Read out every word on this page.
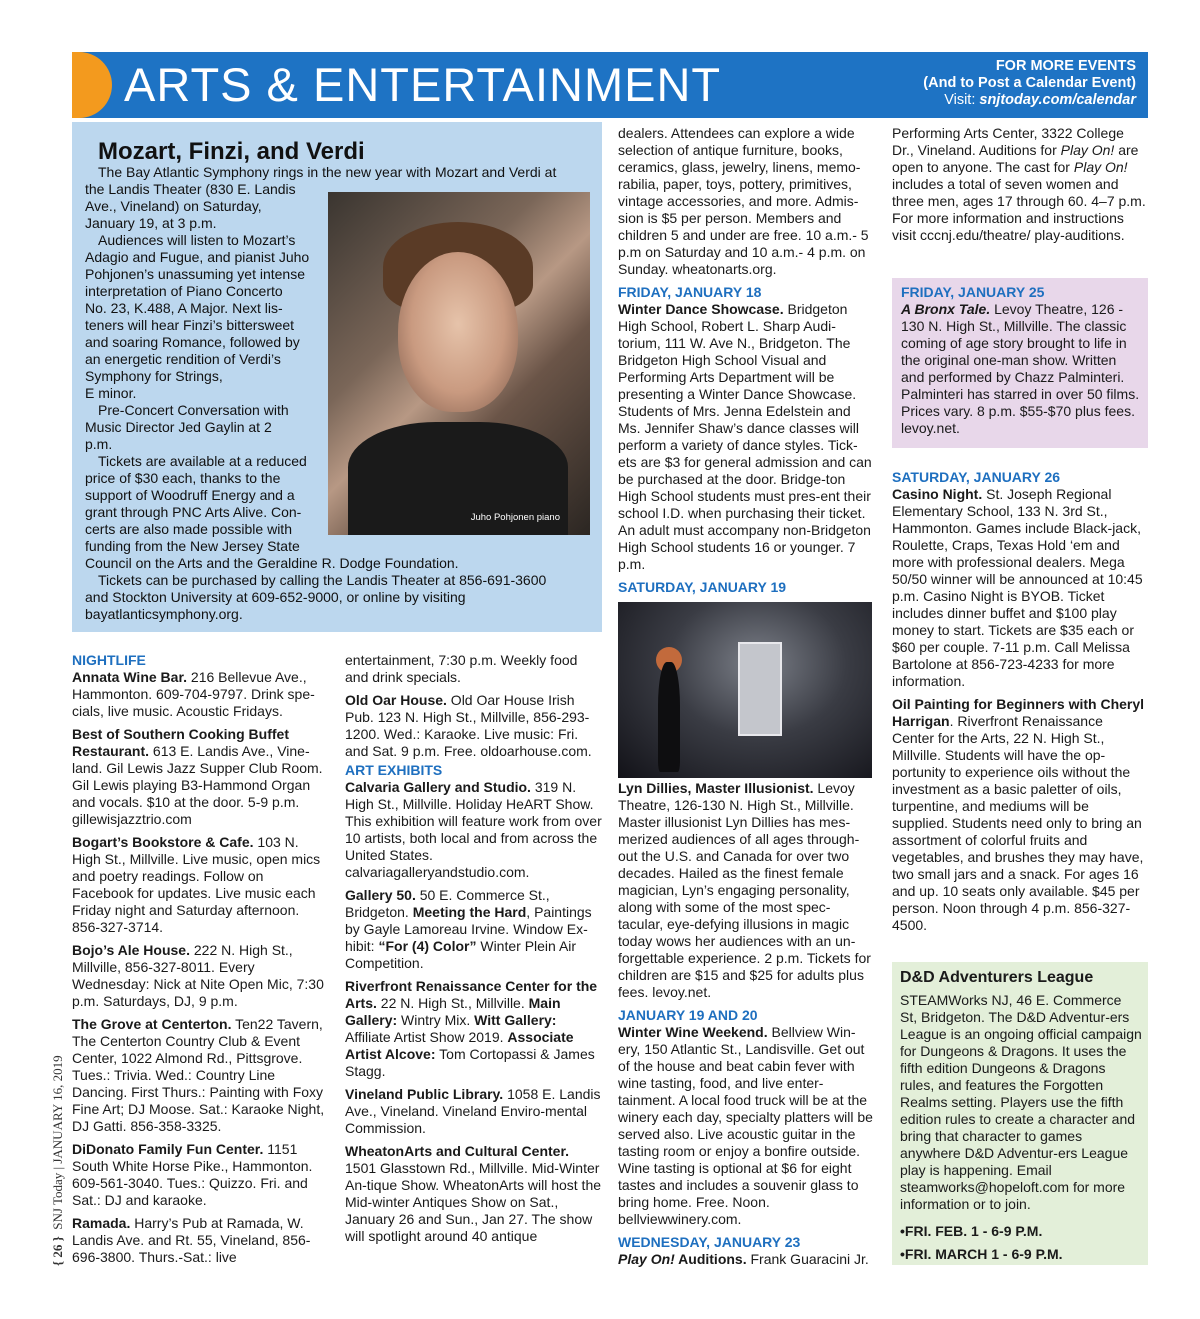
ARTS & ENTERTAINMENT	FOR MORE EVENTS
(And to Post a Calendar Event)
Visit: snjtoday.com/calendar
Mozart, Finzi, and Verdi
The Bay Atlantic Symphony rings in the new year with Mozart and Verdi at
the Landis Theater (830 E. Landis
Ave., Vineland) on Saturday,
January 19, at 3 p.m.
Audiences will listen to Mozart’s
Adagio and Fugue, and pianist Juho
Pohjonen’s unassuming yet intense
interpretation of Piano Concerto
No. 23, K.488, A Major. Next lis-
teners will hear Finzi’s bittersweet
and soaring Romance, followed by
an energetic rendition of Verdi’s
Symphony for Strings,
E minor.
Pre-Concert Conversation with
Music Director Jed Gaylin at 2
p.m.
Tickets are available at a reduced
price of $30 each, thanks to the
support of Woodruff Energy and a
grant through PNC Arts Alive. Con-
certs are also made possible with
funding from the New Jersey State
Council on the Arts and the Geraldine R. Dodge Foundation.
Tickets can be purchased by calling the Landis Theater at 856-691-3600
and Stockton University at 609-652-9000, or online by visiting
bayatlanticsymphony.org.
Juho Pohjonen piano
NIGHTLIFE

Annata Wine Bar. 216 Bellevue Ave., Hammonton. 609-704-9797. Drink spe-cials, live music. Acoustic Fridays.

Best of Southern Cooking Buffet Restaurant. 613 E. Landis Ave., Vine-land. Gil Lewis Jazz Supper Club Room. Gil Lewis playing B3-Hammond Organ and vocals. $10 at the door. 5-9 p.m. gillewisjazztrio.com

Bogart’s Bookstore & Cafe. 103 N. High St., Millville. Live music, open mics and poetry readings. Follow on Facebook for updates. Live music each Friday night and Saturday afternoon. 856-327-3714.

Bojo’s Ale House. 222 N. High St., Millville, 856-327-8011. Every Wednesday: Nick at Nite Open Mic, 7:30 p.m. Saturdays, DJ, 9 p.m.

The Grove at Centerton. Ten22 Tavern, The Centerton Country Club & Event Center, 1022 Almond Rd., Pittsgrove. Tues.: Trivia. Wed.: Country Line Dancing. First Thurs.: Painting with Foxy Fine Art; DJ Moose. Sat.: Karaoke Night, DJ Gatti. 856-358-3325.

DiDonato Family Fun Center. 1151 South White Horse Pike., Hammonton. 609-561-3040. Tues.: Quizzo. Fri. and Sat.: DJ and karaoke.

Ramada. Harry’s Pub at Ramada, W. Landis Ave. and Rt. 55, Vineland, 856-696-3800. Thurs.-Sat.: live

entertainment, 7:30 p.m. Weekly food and drink specials.

Old Oar House. Old Oar House Irish Pub. 123 N. High St., Millville, 856-293-1200. Wed.: Karaoke. Live music: Fri. and Sat. 9 p.m. Free. oldoarhouse.com.

ART EXHIBITS

Calvaria Gallery and Studio. 319 N. High St., Millville. Holiday HeART Show. This exhibition will feature work from over 10 artists, both local and from across the United States. calvariagalleryandstudio.com.

Gallery 50. 50 E. Commerce St., Bridgeton. Meeting the Hard, Paintings by Gayle Lamoreau Irvine. Window Ex-hibit: “For (4) Color” Winter Plein Air Competition.

Riverfront Renaissance Center for the Arts. 22 N. High St., Millville. Main Gallery: Wintry Mix. Witt Gallery: Affiliate Artist Show 2019. Associate Artist Alcove: Tom Cortopassi & James Stagg.

Vineland Public Library. 1058 E. Landis Ave., Vineland. Vineland Enviro-mental Commission.

WheatonArts and Cultural Center. 1501 Glasstown Rd., Millville. Mid-Winter An-tique Show. WheatonArts will host the Mid-winter Antiques Show on Sat., January 26 and Sun., Jan 27. The show will spotlight around 40 antique

dealers. Attendees can explore a wide selection of antique furniture, books, ceramics, glass, jewelry, linens, memo-rabilia, paper, toys, pottery, primitives, vintage accessories, and more. Admis-sion is $5 per person. Members and children 5 and under are free. 10 a.m.- 5 p.m on Saturday and 10 a.m.- 4 p.m. on Sunday. wheatonarts.org.

FRIDAY, JANUARY 18

Winter Dance Showcase. Bridgeton High School, Robert L. Sharp Audi-torium, 111 W. Ave N., Bridgeton. The Bridgeton High School Visual and Performing Arts Department will be presenting a Winter Dance Showcase. Students of Mrs. Jenna Edelstein and Ms. Jennifer Shaw’s dance classes will perform a variety of dance styles. Tick-ets are $3 for general admission and can be purchased at the door. Bridge-ton High School students must pres-ent their school I.D. when purchasing their ticket. An adult must accompany non-Bridgeton High School students 16 or younger. 7 p.m.

SATURDAY, JANUARY 19

Lyn Dillies, Master Illusionist. Levoy Theatre, 126-130 N. High St., Millville. Master illusionist Lyn Dillies has mes-merized audiences of all ages through-out the U.S. and Canada for over two decades. Hailed as the finest female magician, Lyn’s engaging personality, along with some of the most spec-tacular, eye-defying illusions in magic today wows her audiences with an un-forgettable experience. 2 p.m. Tickets for children are $15 and $25 for adults plus fees. levoy.net.

JANUARY 19 AND 20

Winter Wine Weekend. Bellview Win-ery, 150 Atlantic St., Landisville. Get out of the house and beat cabin fever with wine tasting, food, and live enter-tainment. A local food truck will be at the winery each day, specialty platters will be served also. Live acoustic guitar in the tasting room or enjoy a bonfire outside. Wine tasting is optional at $6 for eight tastes and includes a souvenir glass to bring home. Free. Noon. bellviewwinery.com.

WEDNESDAY, JANUARY 23

Play On! Auditions. Frank Guaracini Jr.

Performing Arts Center, 3322 College Dr., Vineland. Auditions for Play On! are open to anyone. The cast for Play On! includes a total of seven women and three men, ages 17 through 60. 4–7 p.m. For more information and instructions visit cccnj.edu/theatre/ play-auditions.

FRIDAY, JANUARY 25

A Bronx Tale. Levoy Theatre, 126 - 130 N. High St., Millville. The classic coming of age story brought to life in the original one-man show. Written and performed by Chazz Palminteri. Palminteri has starred in over 50 films. Prices vary. 8 p.m. $55-$70 plus fees. levoy.net.

SATURDAY, JANUARY 26

Casino Night. St. Joseph Regional Elementary School, 133 N. 3rd St., Hammonton. Games include Black-jack, Roulette, Craps, Texas Hold ‘em and more with professional dealers. Mega 50/50 winner will be announced at 10:45 p.m. Casino Night is BYOB. Ticket includes dinner buffet and $100 play money to start. Tickets are $35 each or $60 per couple. 7-11 p.m. Call Melissa Bartolone at 856-723-4233 for more information.

Oil Painting for Beginners with Cheryl Harrigan. Riverfront Renaissance Center for the Arts, 22 N. High St., Millville. Students will have the op-portunity to experience oils without the investment as a basic paletter of oils, turpentine, and mediums will be supplied. Students need only to bring an assortment of colorful fruits and vegetables, and brushes they may have, two small jars and a snack. For ages 16 and up. 10 seats only available. $45 per person. Noon through 4 p.m. 856-327-4500.

D&D Adventurers League

STEAMWorks NJ, 46 E. Commerce St, Bridgeton. The D&D Adventur-ers League is an ongoing official campaign for Dungeons & Dragons. It uses the fifth edition Dungeons & Dragons rules, and features the Forgotten Realms setting. Players use the fifth edition rules to create a character and bring that character to games anywhere D&D Adventur-ers League play is happening. Email steamworks@hopeloft.com for more information or to join.

•FRI. FEB. 1 - 6-9 P.M.
•FRI. MARCH 1 - 6-9 P.M.
{ 26 }  SNJ Today | JANUARY 16, 2019
